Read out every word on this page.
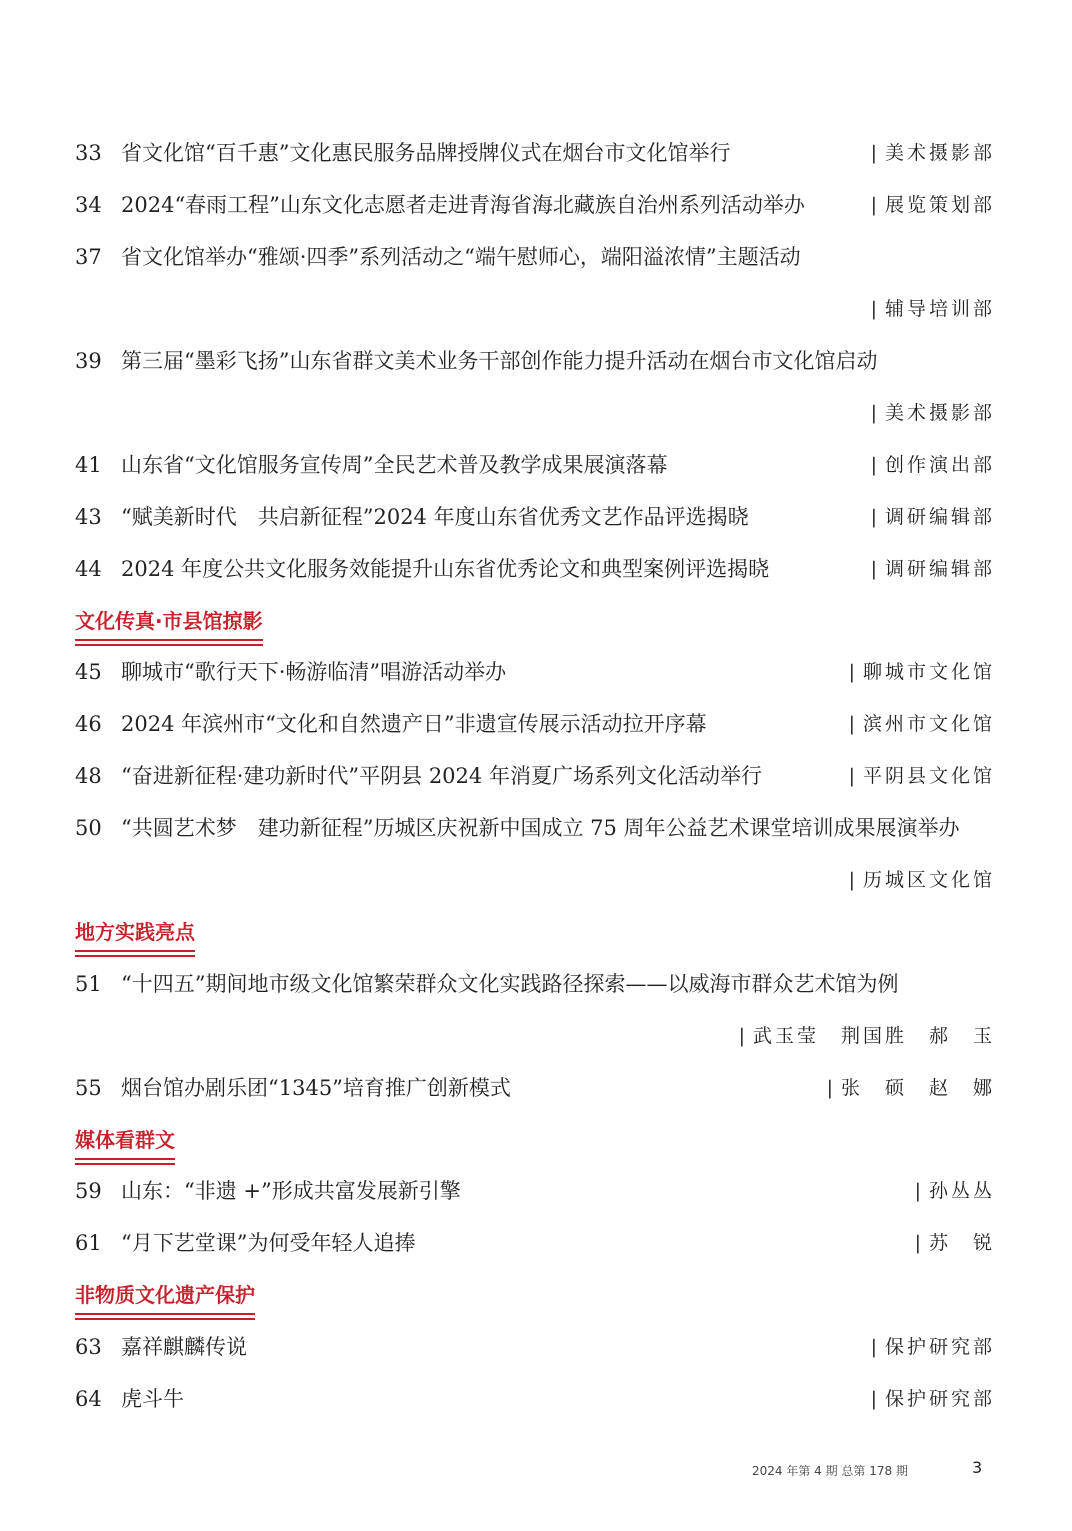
33 省文化馆“百千惠”文化惠民服务品牌授牌仪式在烟台市文化馆举行	| 美术摄影部
34 2024“春雨工程”山东文化志愿者走进青海省海北藏族自治州系列活动举办	| 展览策划部
37 省文化馆举办“雅颂·四季”系列活动之“端午慰师心，端阳溢浓情”主题活动
| 辅导培训部
39 第三届“墨彩飞扬”山东省群文美术业务干部创作能力提升活动在烟台市文化馆启动
| 美术摄影部
41 山东省“文化馆服务宣传周”全民艺术普及教学成果展演落幕	| 创作演出部
43 “赋美新时代　共启新征程”2024 年度山东省优秀文艺作品评选揭晓	| 调研编辑部
44 2024 年度公共文化服务效能提升山东省优秀论文和典型案例评选揭晓	| 调研编辑部
文化传真·市县馆掠影
45 聊城市“歌行天下·畅游临清”唱游活动举办	| 聊城市文化馆
46 2024 年滨州市“文化和自然遗产日”非遗宣传展示活动拉开序幕	| 滨州市文化馆
48 “奋进新征程·建功新时代”平阴县 2024 年消夏广场系列文化活动举行	| 平阴县文化馆
50 “共圆艺术梦　建功新征程”历城区庆祝新中国成立 75 周年公益艺术课堂培训成果展演举办
| 历城区文化馆
地方实践亮点
51 “十四五”期间地市级文化馆繁荣群众文化实践路径探索——以威海市群众艺术馆为例
| 武玉莹　荆国胜　郝　玉
55 烟台馆办剧乐团“1345”培育推广创新模式	| 张　硕　赵　娜
媒体看群文
59 山东：“非遗 +”形成共富发展新引擎	| 孙丛丛
61 “月下艺堂课”为何受年轻人追捧	| 苏　锐
非物质文化遗产保护
63 嘉祥麒麟传说	| 保护研究部
64 虎斗牛	| 保护研究部
2024 年第 4 期 总第 178 期	3
